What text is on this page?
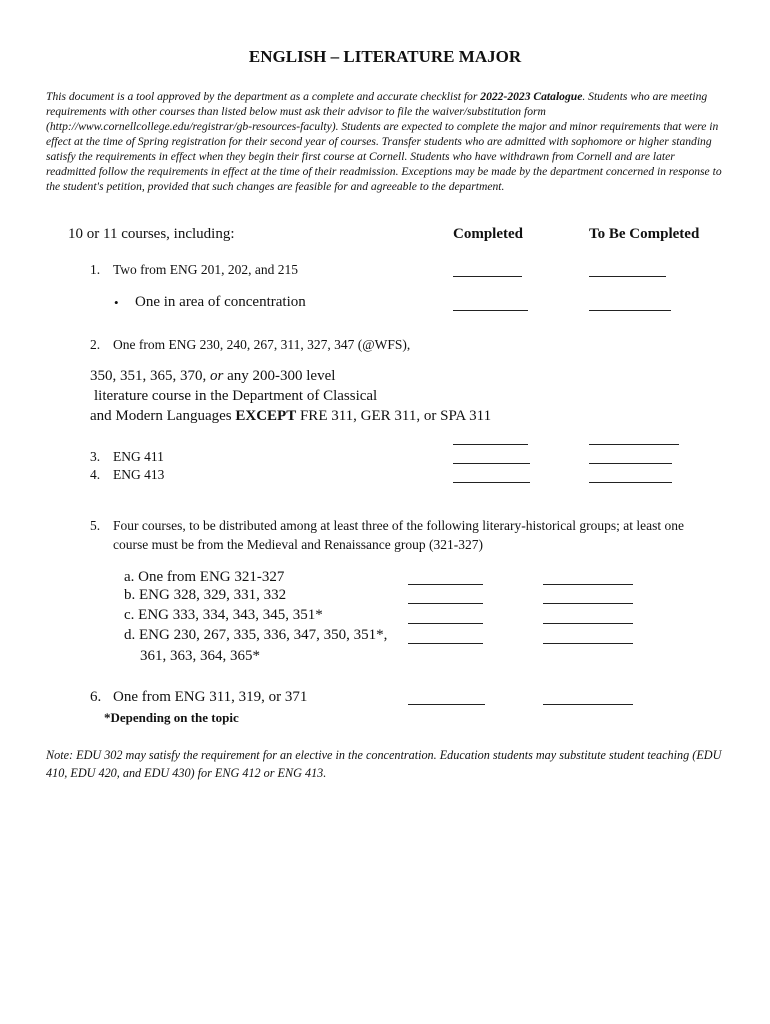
ENGLISH – LITERATURE MAJOR
This document is a tool approved by the department as a complete and accurate checklist for 2022-2023 Catalogue. Students who are meeting requirements with other courses than listed below must ask their advisor to file the waiver/substitution form (http://www.cornellcollege.edu/registrar/gb-resources-faculty). Students are expected to complete the major and minor requirements that were in effect at the time of Spring registration for their second year of courses. Transfer students who are admitted with sophomore or higher standing satisfy the requirements in effect when they begin their first course at Cornell. Students who have withdrawn from Cornell and are later readmitted follow the requirements in effect at the time of their readmission. Exceptions may be made by the department concerned in response to the student's petition, provided that such changes are feasible for and agreeable to the department.
10 or 11 courses, including:	Completed	To Be Completed
1. Two from ENG 201, 202, and 215
• One in area of concentration
2. One from ENG 230, 240, 267, 311, 327, 347 (@WFS),
350, 351, 365, 370, or any 200-300 level
literature course in the Department of Classical
and Modern Languages EXCEPT FRE 311, GER 311, or SPA 311
3. ENG 411
4. ENG 413
5. Four courses, to be distributed among at least three of the following literary-historical groups; at least one
course must be from the Medieval and Renaissance group (321-327)
a. One from ENG 321-327
b. ENG 328, 329, 331, 332
c. ENG 333, 334, 343, 345, 351*
d. ENG 230, 267, 335, 336, 347, 350, 351*,
361, 363, 364, 365*
6. One from ENG 311, 319, or 371
*Depending on the topic
Note: EDU 302 may satisfy the requirement for an elective in the concentration. Education students may substitute student teaching (EDU 410, EDU 420, and EDU 430) for ENG 412 or ENG 413.
